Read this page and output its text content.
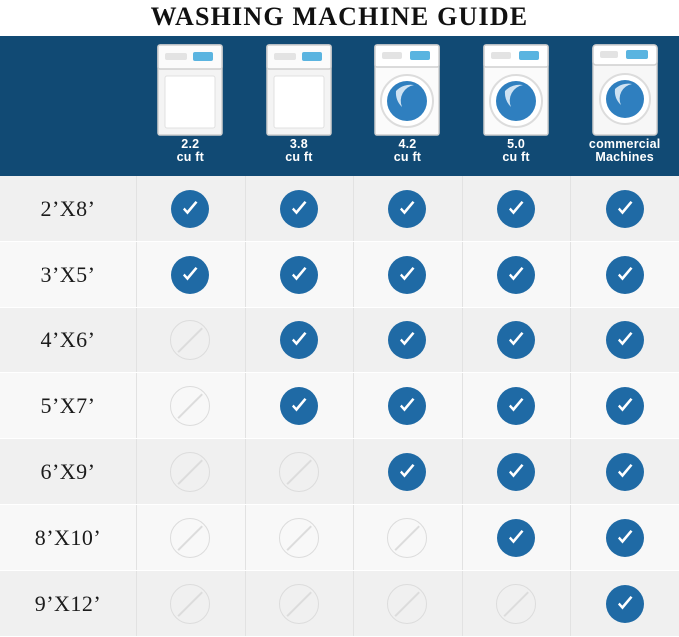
WASHING MACHINE GUIDE
2.2
cu ft
3.8
cu ft
4.2
cu ft
5.0
cu ft
commercial
Machines
2’X8’
3’X5’
4’X6’
5’X7’
6’X9’
8’X10’
9’X12’
